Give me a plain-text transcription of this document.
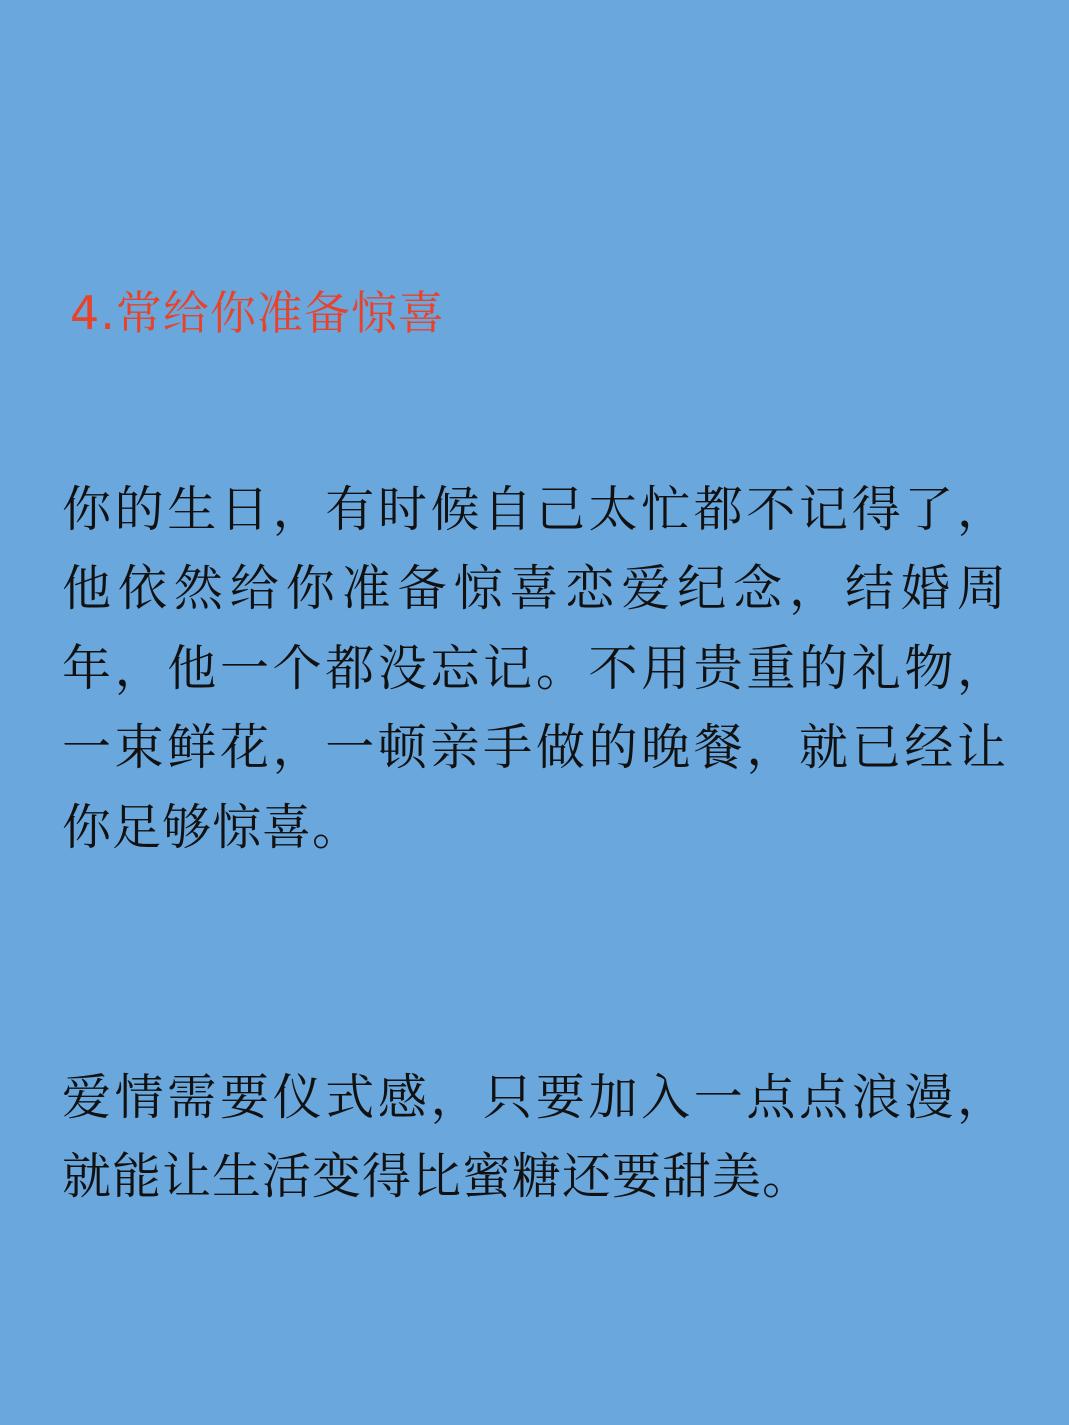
4.常给你准备惊喜
你的生日，有时候自己太忙都不记得了，他依然给你准备惊喜恋爱纪念，结婚周年，他一个都没忘记。不用贵重的礼物，一束鲜花，一顿亲手做的晚餐，就已经让你足够惊喜。
爱情需要仪式感，只要加入一点点浪漫，就能让生活变得比蜜糖还要甜美。
